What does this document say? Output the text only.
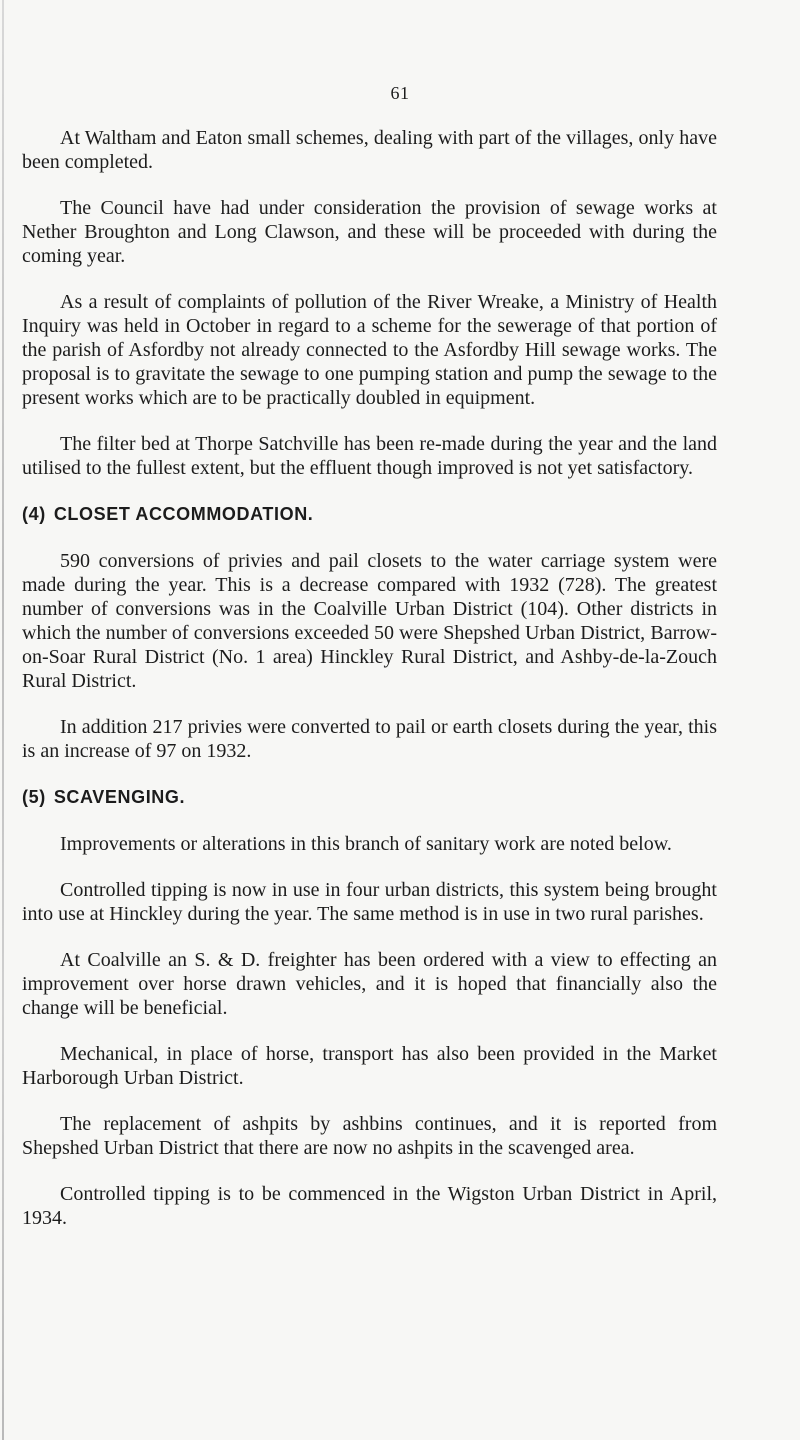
61

At Waltham and Eaton small schemes, dealing with part of the villages, only have been completed.

The Council have had under consideration the provision of sewage works at Nether Broughton and Long Clawson, and these will be proceeded with during the coming year.

As a result of complaints of pollution of the River Wreake, a Ministry of Health Inquiry was held in October in regard to a scheme for the sewerage of that portion of the parish of Asfordby not already connected to the Asfordby Hill sewage works. The proposal is to gravitate the sewage to one pumping station and pump the sewage to the present works which are to be practically doubled in equipment.

The filter bed at Thorpe Satchville has been re-made during the year and the land utilised to the fullest extent, but the effluent though improved is not yet satisfactory.

(4) CLOSET ACCOMMODATION.

590 conversions of privies and pail closets to the water carriage system were made during the year. This is a decrease compared with 1932 (728). The greatest number of conversions was in the Coalville Urban District (104). Other districts in which the number of conversions exceeded 50 were Shepshed Urban District, Barrow-on-Soar Rural District (No. 1 area) Hinckley Rural District, and Ashby-de-la-Zouch Rural District.

In addition 217 privies were converted to pail or earth closets during the year, this is an increase of 97 on 1932.

(5) SCAVENGING.

Improvements or alterations in this branch of sanitary work are noted below.

Controlled tipping is now in use in four urban districts, this system being brought into use at Hinckley during the year. The same method is in use in two rural parishes.

At Coalville an S. & D. freighter has been ordered with a view to effecting an improvement over horse drawn vehicles, and it is hoped that financially also the change will be beneficial.

Mechanical, in place of horse, transport has also been provided in the Market Harborough Urban District.

The replacement of ashpits by ashbins continues, and it is reported from Shepshed Urban District that there are now no ashpits in the scavenged area.

Controlled tipping is to be commenced in the Wigston Urban District in April, 1934.
